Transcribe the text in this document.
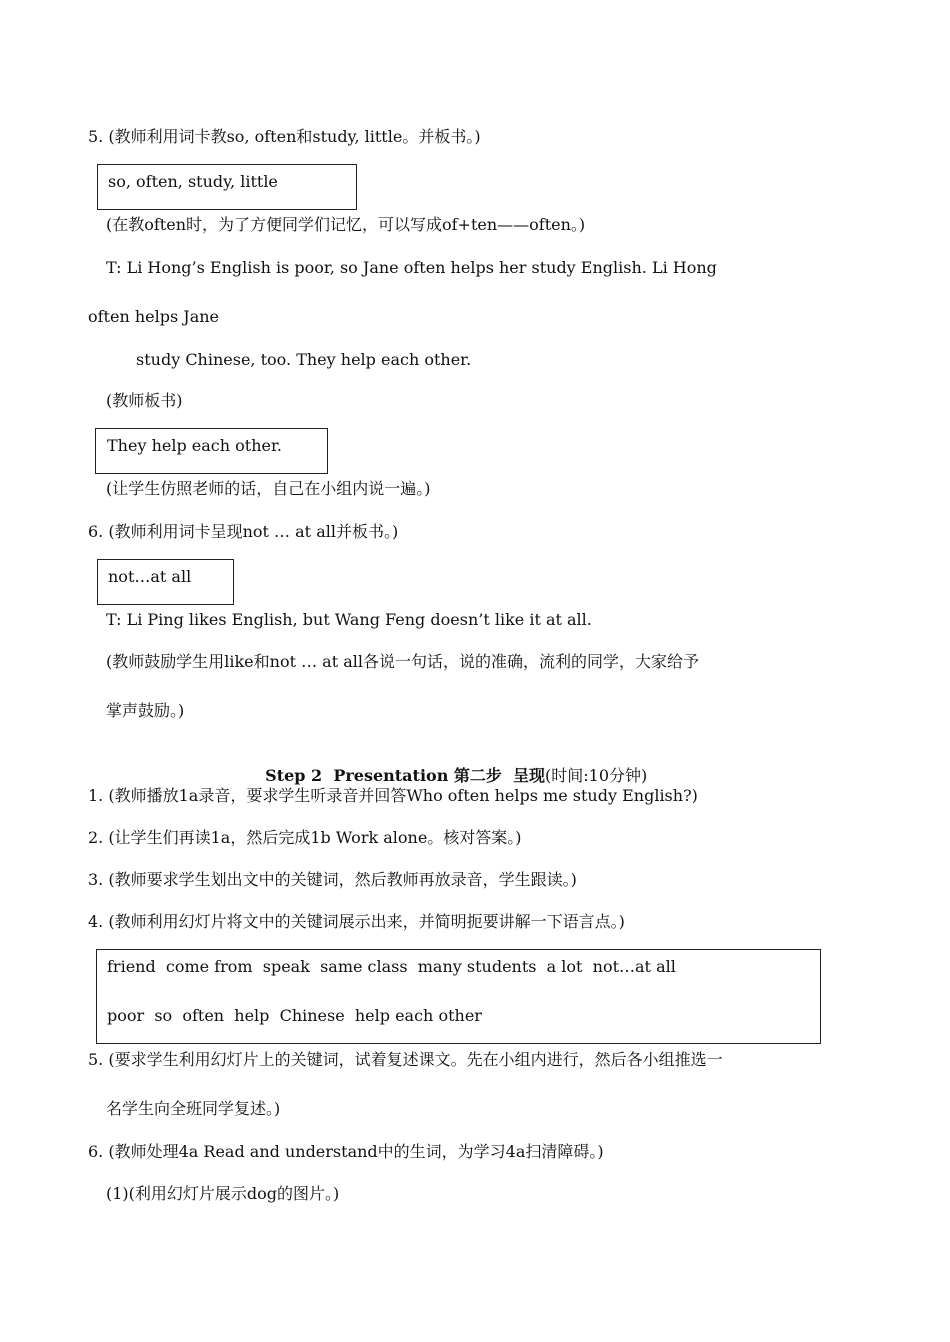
5. (教师利用词卡教so, often和study, little。并板书。)
so, often, study, little
(在教often时，为了方便同学们记忆，可以写成of+ten——often。)
T: Li Hong’s English is poor, so Jane often helps her study English. Li Hong
often helps Jane
study Chinese, too. They help each other.
(教师板书)
They help each other.
(让学生仿照老师的话，自己在小组内说一遍。)
6. (教师利用词卡呈现not … at all并板书。)
not…at all
T: Li Ping likes English, but Wang Feng doesn’t like it at all.
(教师鼓励学生用like和not … at all各说一句话，说的准确，流利的同学，大家给予
掌声鼓励。)

Step 2  Presentation 第二步  呈现(时间:10分钟)

1. (教师播放1a录音，要求学生听录音并回答Who often helps me study English?)
2. (让学生们再读1a，然后完成1b Work alone。核对答案。)
3. (教师要求学生划出文中的关键词，然后教师再放录音，学生跟读。)
4. (教师利用幻灯片将文中的关键词展示出来，并简明扼要讲解一下语言点。)
friend  come from  speak  same class  many students  a lot  not…at all
poor  so  often  help  Chinese  help each other
5. (要求学生利用幻灯片上的关键词，试着复述课文。先在小组内进行，然后各小组推选一
名学生向全班同学复述。)
6. (教师处理4a Read and understand中的生词，为学习4a扫清障碍。)
(1)(利用幻灯片展示dog的图片。)
